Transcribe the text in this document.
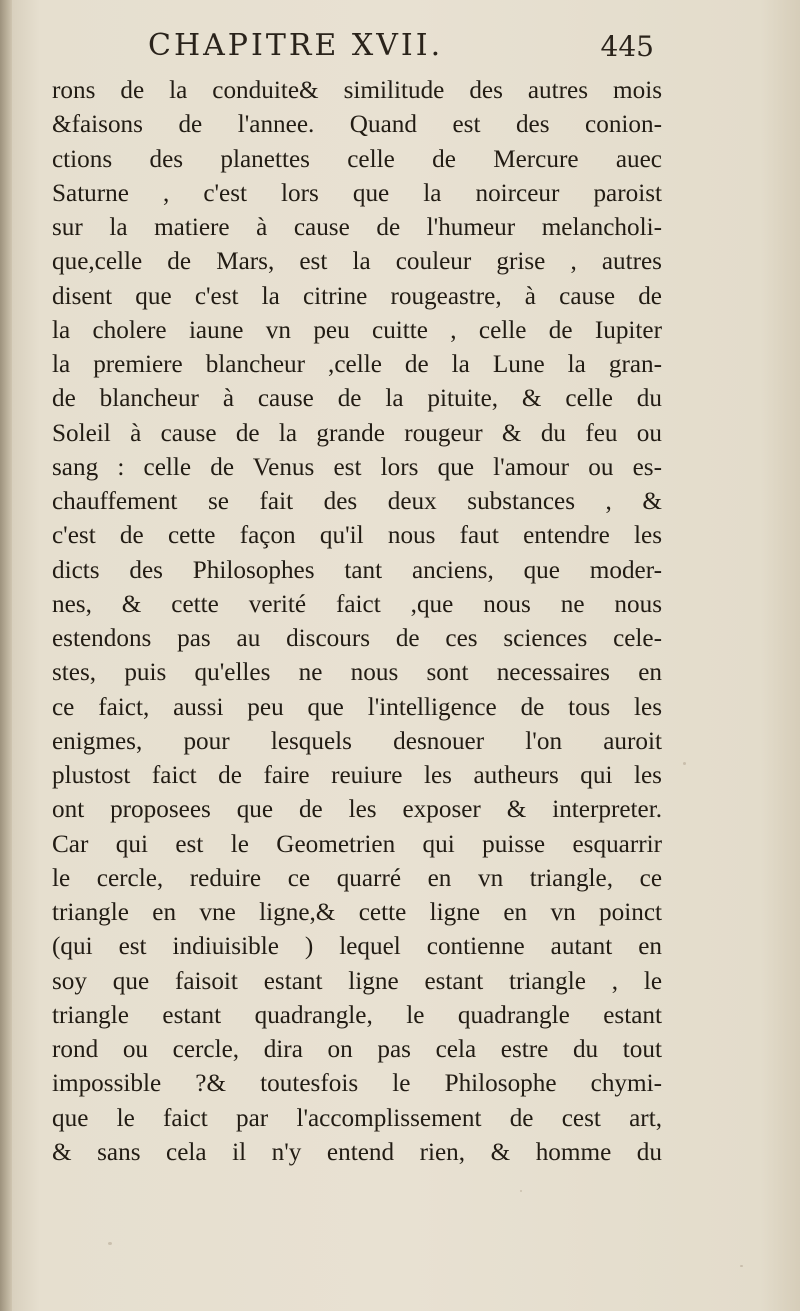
CHAPITRE XVII.	445
rons de la conduite& similitude des autres mois
&faisons de l'annee. Quand est des conion-
ctions des planettes celle de Mercure auec
Saturne , c'est lors que la noirceur paroist
sur la matiere à cause de l'humeur melancholi-
que,celle de Mars, est la couleur grise , autres
disent que c'est la citrine rougeastre, à cause de
la cholere iaune vn peu cuitte , celle de Iupiter
la premiere blancheur ,celle de la Lune la gran-
de blancheur à cause de la pituite, & celle du
Soleil à cause de la grande rougeur & du feu ou
sang : celle de Venus est lors que l'amour ou es-
chauffement se fait des deux substances , &
c'est de cette façon qu'il nous faut entendre les
dicts des Philosophes tant anciens, que moder-
nes, & cette verité faict ,que nous ne nous
estendons pas au discours de ces sciences cele-
stes, puis qu'elles ne nous sont necessaires en
ce faict, aussi peu que l'intelligence de tous les
enigmes, pour lesquels desnouer l'on auroit
plustost faict de faire reuiure les autheurs qui les
ont proposees que de les exposer & interpreter.
Car qui est le Geometrien qui puisse esquarrir
le cercle, reduire ce quarré en vn triangle, ce
triangle en vne ligne,& cette ligne en vn poinct
(qui est indiuisible ) lequel contienne autant en
soy que faisoit estant ligne estant triangle , le
triangle estant quadrangle, le quadrangle estant
rond ou cercle, dira on pas cela estre du tout
impossible ?& toutesfois le Philosophe chymi-
que le faict par l'accomplissement de cest art,
& sans cela il n'y entend rien, & homme du
